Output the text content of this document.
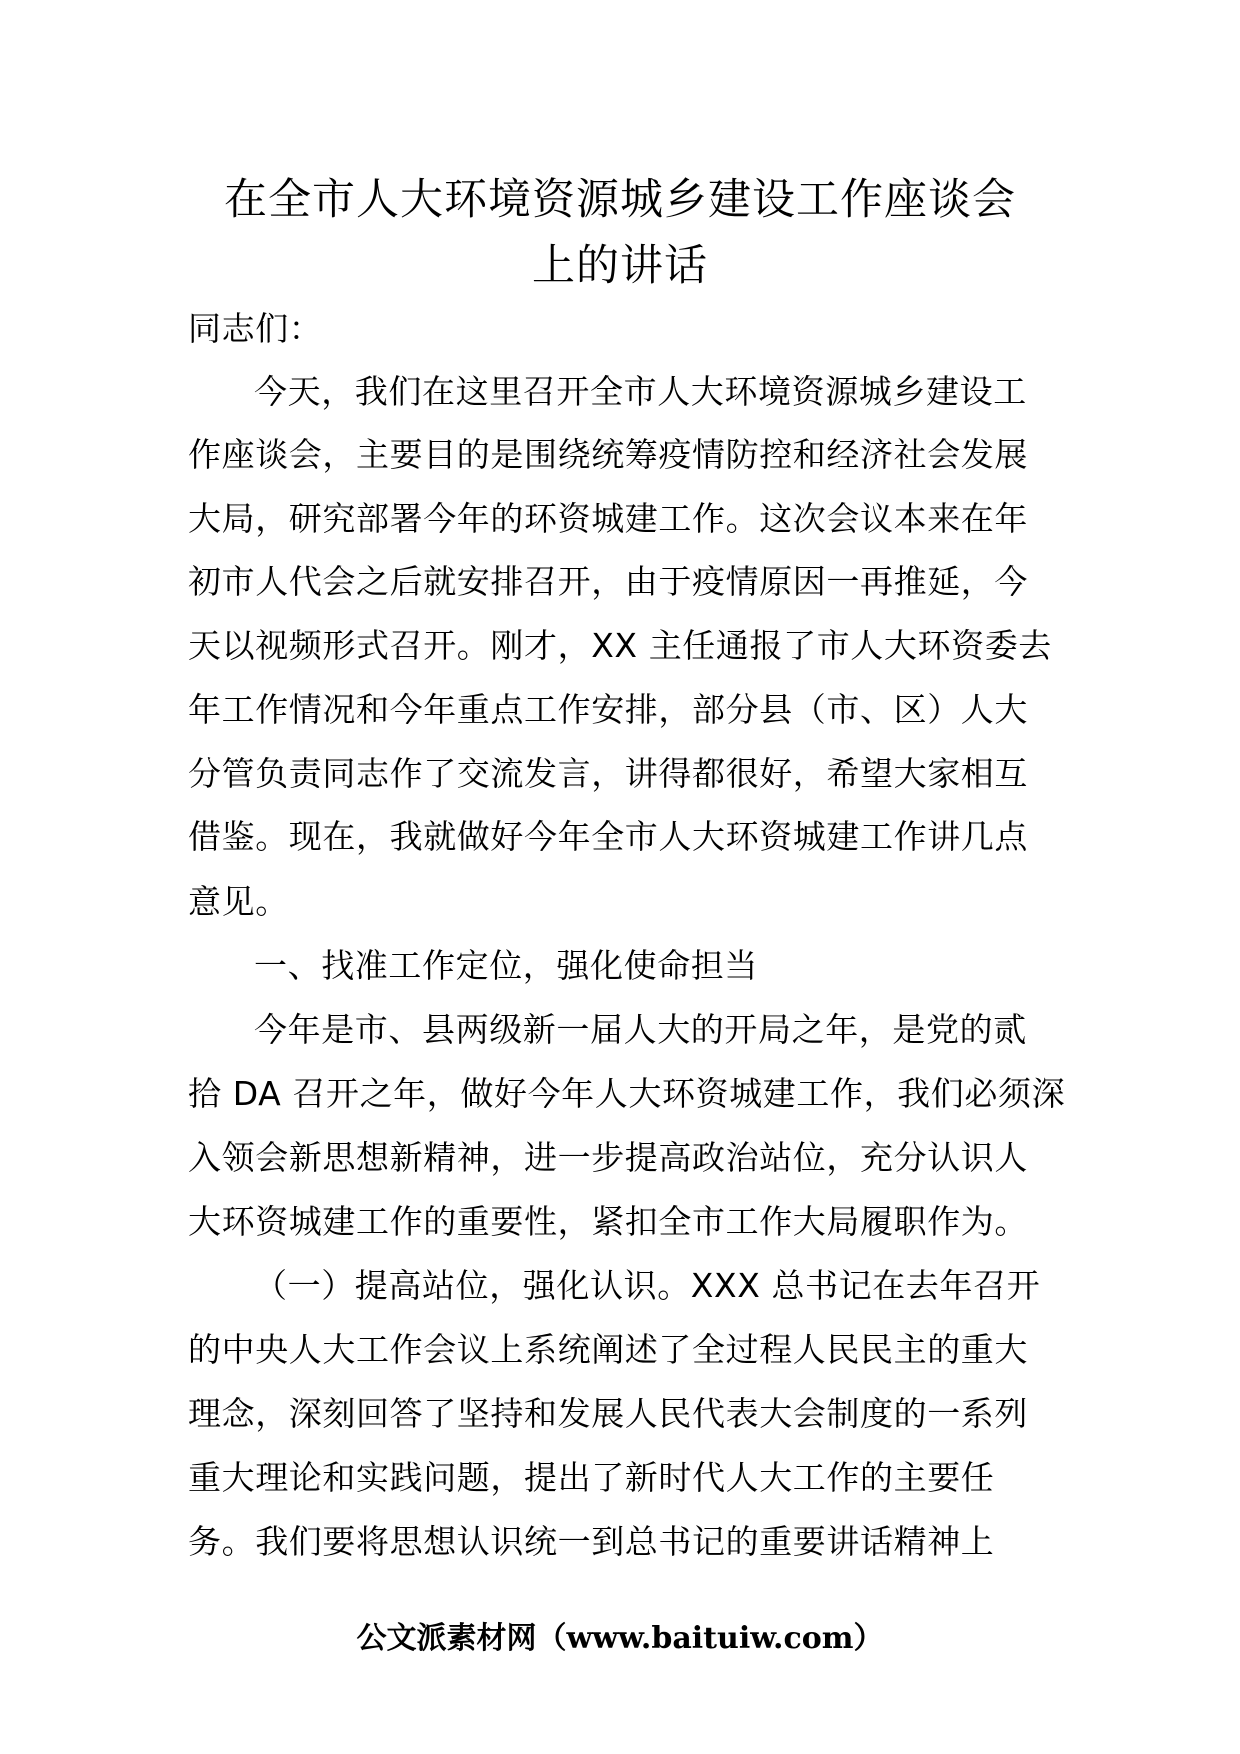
在全市人大环境资源城乡建设工作座谈会
上的讲话
同志们：
今天，我们在这里召开全市人大环境资源城乡建设工
作座谈会，主要目的是围绕统筹疫情防控和经济社会发展
大局，研究部署今年的环资城建工作。这次会议本来在年
初市人代会之后就安排召开，由于疫情原因一再推延，今
天以视频形式召开。刚才，XX 主任通报了市人大环资委去
年工作情况和今年重点工作安排，部分县（市、区）人大
分管负责同志作了交流发言，讲得都很好，希望大家相互
借鉴。现在，我就做好今年全市人大环资城建工作讲几点
意见。
一、找准工作定位，强化使命担当
今年是市、县两级新一届人大的开局之年，是党的贰
拾 DA 召开之年，做好今年人大环资城建工作，我们必须深
入领会新思想新精神，进一步提高政治站位，充分认识人
大环资城建工作的重要性，紧扣全市工作大局履职作为。
（一）提高站位，强化认识。XXX 总书记在去年召开
的中央人大工作会议上系统阐述了全过程人民民主的重大
理念，深刻回答了坚持和发展人民代表大会制度的一系列
重大理论和实践问题，提出了新时代人大工作的主要任
务。我们要将思想认识统一到总书记的重要讲话精神上
公文派素材网（www.baituiw.com）
